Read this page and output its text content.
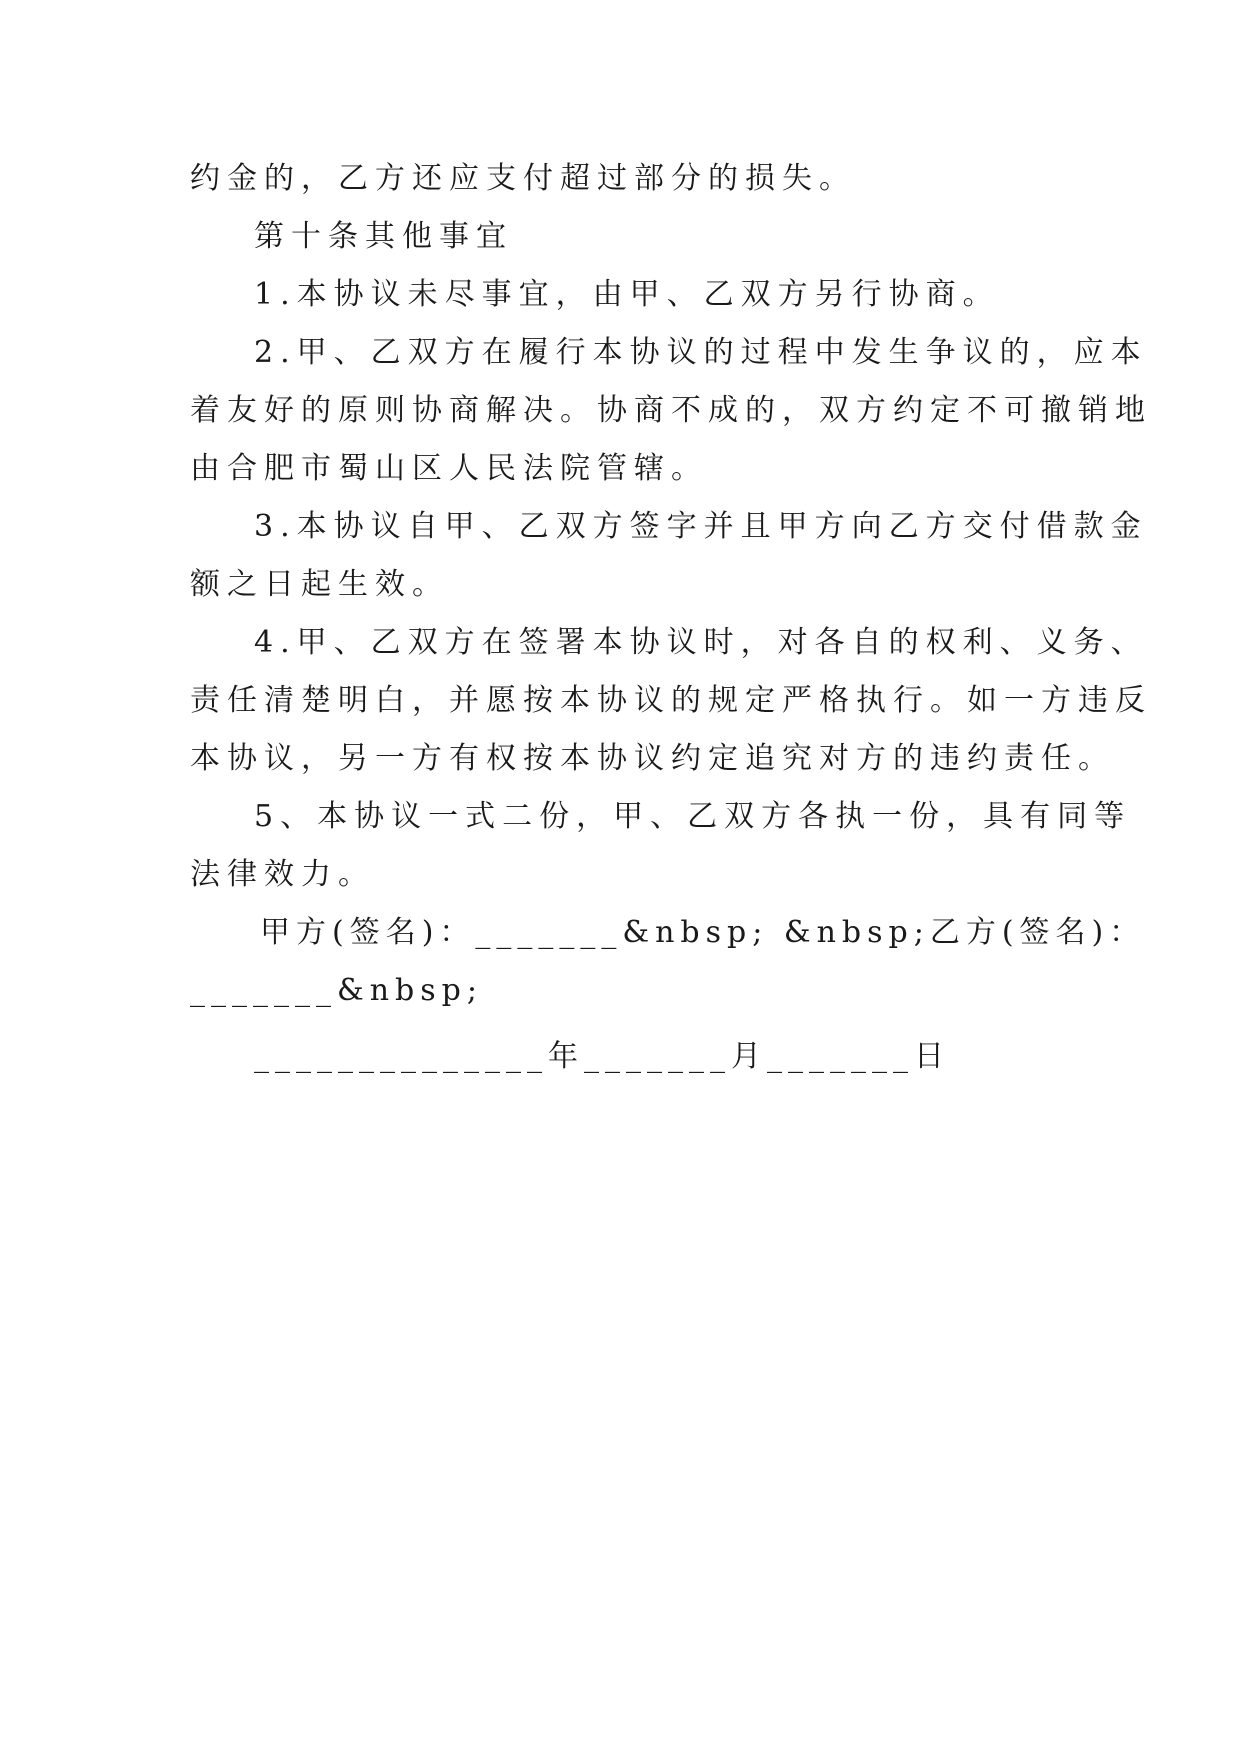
约金的，乙方还应支付超过部分的损失。
第十条其他事宜
1.本协议未尽事宜，由甲、乙双方另行协商。
2.甲、乙双方在履行本协议的过程中发生争议的，应本
着友好的原则协商解决。协商不成的，双方约定不可撤销地
由合肥市蜀山区人民法院管辖。
3.本协议自甲、乙双方签字并且甲方向乙方交付借款金
额之日起生效。
4.甲、乙双方在签署本协议时，对各自的权利、义务、
责任清楚明白，并愿按本协议的规定严格执行。如一方违反
本协议，另一方有权按本协议约定追究对方的违约责任。
5、本协议一式二份，甲、乙双方各执一份，具有同等
法律效力。
甲方(签名)：_______&nbsp; &nbsp;乙方(签名)：
_______&nbsp;
______________年_______月_______日
